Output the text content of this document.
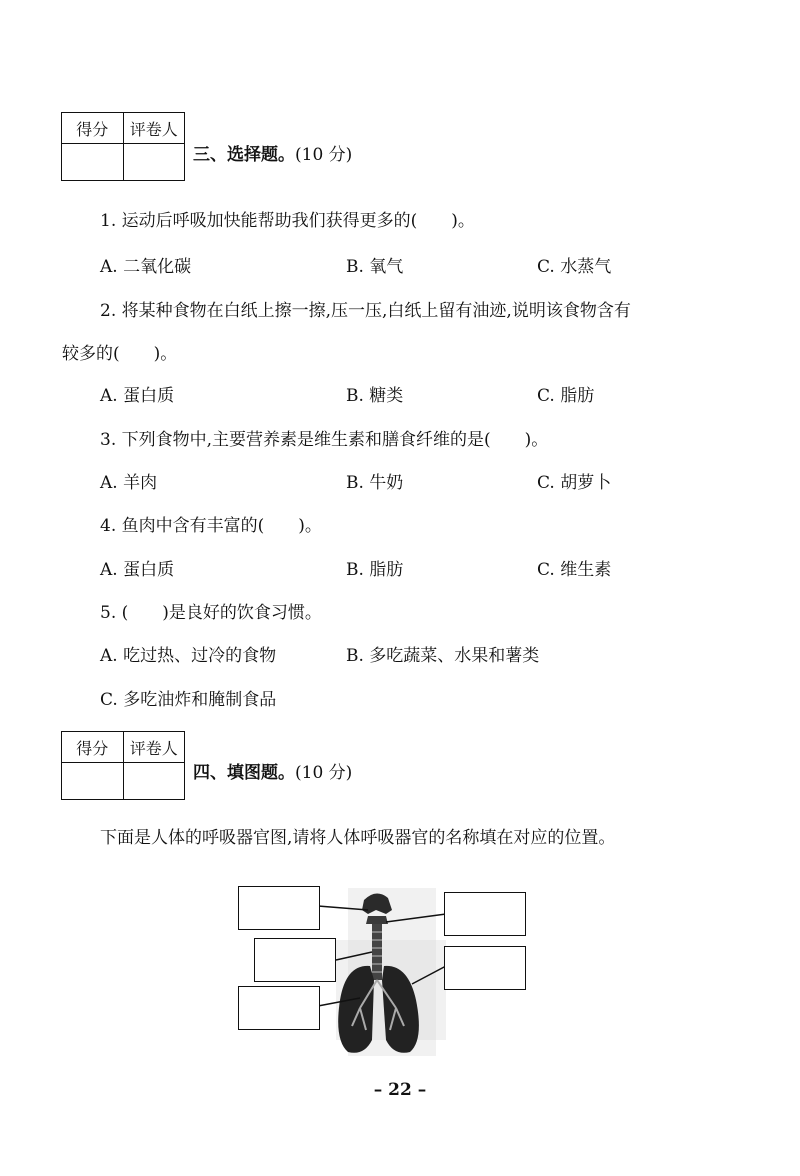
得分	评卷人

三、选择题。(10 分)
1. 运动后呼吸加快能帮助我们获得更多的(　　)。
A. 二氧化碳	B. 氧气	C. 水蒸气
2. 将某种食物在白纸上擦一擦,压一压,白纸上留有油迹,说明该食物含有
较多的(　　)。
A. 蛋白质	B. 糖类	C. 脂肪
3. 下列食物中,主要营养素是维生素和膳食纤维的是(　　)。
A. 羊肉	B. 牛奶	C. 胡萝卜
4. 鱼肉中含有丰富的(　　)。
A. 蛋白质	B. 脂肪	C. 维生素
5. (　　)是良好的饮食习惯。
A. 吃过热、过冷的食物	B. 多吃蔬菜、水果和薯类
C. 多吃油炸和腌制食品
得分	评卷人

四、填图题。(10 分)
下面是人体的呼吸器官图,请将人体呼吸器官的名称填在对应的位置。
– 22 –
